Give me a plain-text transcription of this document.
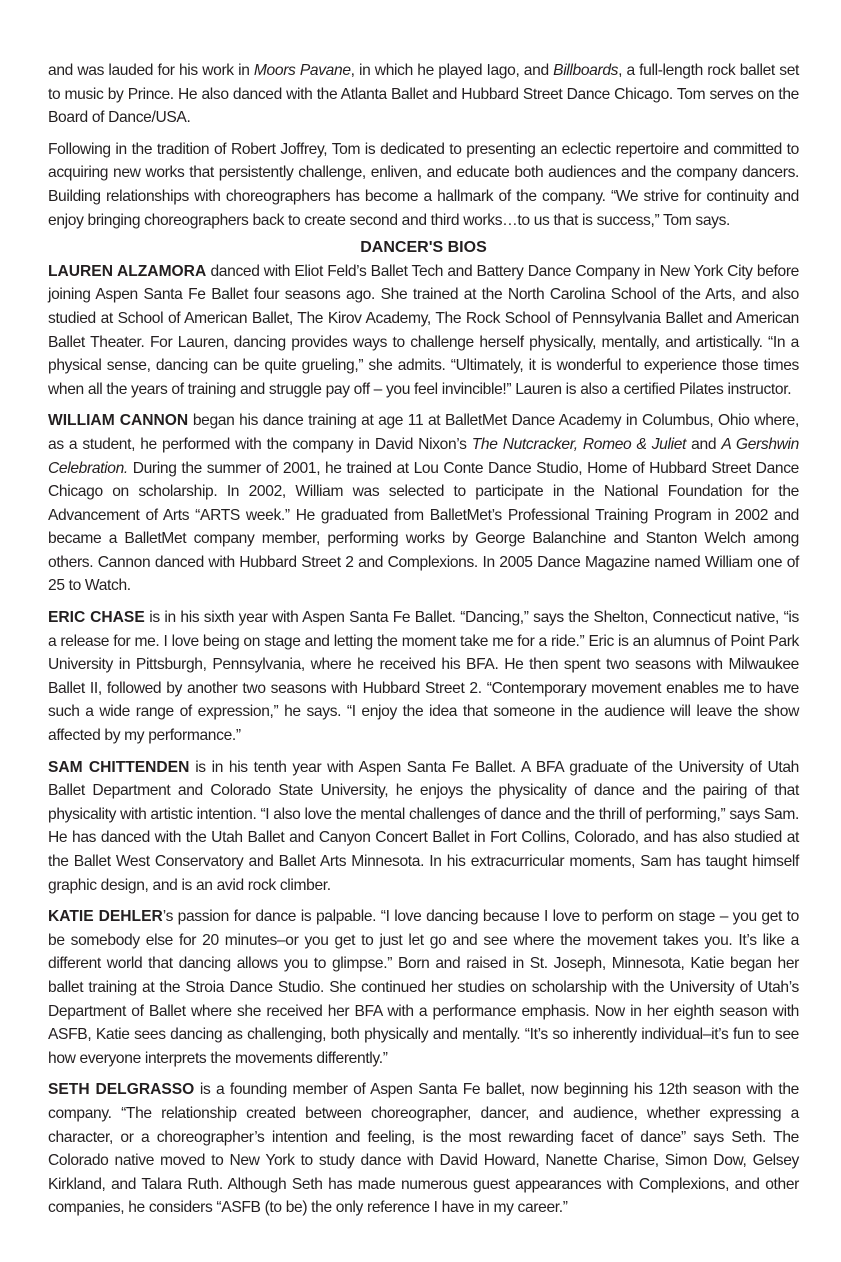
and was lauded for his work in Moors Pavane, in which he played Iago, and Billboards, a full-length rock ballet set to music by Prince. He also danced with the Atlanta Ballet and Hubbard Street Dance Chicago. Tom serves on the Board of Dance/USA.

Following in the tradition of Robert Joffrey, Tom is dedicated to presenting an eclectic repertoire and committed to acquiring new works that persistently challenge, enliven, and educate both audiences and the company dancers. Building relationships with choreographers has become a hallmark of the company. “We strive for continuity and enjoy bringing choreographers back to create second and third works…to us that is success,” Tom says.

DANCER'S BIOS

LAUREN ALZAMORA danced with Eliot Feld’s Ballet Tech and Battery Dance Company in New York City before joining Aspen Santa Fe Ballet four seasons ago. She trained at the North Carolina School of the Arts, and also studied at School of American Ballet, The Kirov Academy, The Rock School of Pennsylvania Ballet and American Ballet Theater. For Lauren, dancing provides ways to challenge herself physically, mentally, and artistically. “In a physical sense, dancing can be quite grueling,” she admits. “Ultimately, it is wonderful to experience those times when all the years of training and struggle pay off – you feel invincible!” Lauren is also a certified Pilates instructor.

WILLIAM CANNON began his dance training at age 11 at BalletMet Dance Academy in Columbus, Ohio where, as a student, he performed with the company in David Nixon’s The Nutcracker, Romeo & Juliet and A Gershwin Celebration. During the summer of 2001, he trained at Lou Conte Dance Studio, Home of Hubbard Street Dance Chicago on scholarship. In 2002, William was selected to participate in the National Foundation for the Advancement of Arts “ARTS week.” He graduated from BalletMet’s Professional Training Program in 2002 and became a BalletMet company member, performing works by George Balanchine and Stanton Welch among others. Cannon danced with Hubbard Street 2 and Complexions. In 2005 Dance Magazine named William one of 25 to Watch.

ERIC CHASE is in his sixth year with Aspen Santa Fe Ballet. “Dancing,” says the Shelton, Connecticut native, “is a release for me. I love being on stage and letting the moment take me for a ride.” Eric is an alumnus of Point Park University in Pittsburgh, Pennsylvania, where he received his BFA. He then spent two seasons with Milwaukee Ballet II, followed by another two seasons with Hubbard Street 2. “Contemporary movement enables me to have such a wide range of expression,” he says. “I enjoy the idea that someone in the audience will leave the show affected by my performance.”

SAM CHITTENDEN is in his tenth year with Aspen Santa Fe Ballet. A BFA graduate of the University of Utah Ballet Department and Colorado State University, he enjoys the physicality of dance and the pairing of that physicality with artistic intention. “I also love the mental challenges of dance and the thrill of performing,” says Sam. He has danced with the Utah Ballet and Canyon Concert Ballet in Fort Collins, Colorado, and has also studied at the Ballet West Conservatory and Ballet Arts Minnesota. In his extracurricular moments, Sam has taught himself graphic design, and is an avid rock climber.

KATIE DEHLER’s passion for dance is palpable. “I love dancing because I love to perform on stage – you get to be somebody else for 20 minutes–or you get to just let go and see where the movement takes you. It’s like a different world that dancing allows you to glimpse.” Born and raised in St. Joseph, Minnesota, Katie began her ballet training at the Stroia Dance Studio. She continued her studies on scholarship with the University of Utah’s Department of Ballet where she received her BFA with a performance emphasis. Now in her eighth season with ASFB, Katie sees dancing as challenging, both physically and mentally. “It’s so inherently individual–it’s fun to see how everyone interprets the movements differently.”

SETH DELGRASSO is a founding member of Aspen Santa Fe ballet, now beginning his 12th season with the company. “The relationship created between choreographer, dancer, and audience, whether expressing a character, or a choreographer’s intention and feeling, is the most rewarding facet of dance” says Seth. The Colorado native moved to New York to study dance with David Howard, Nanette Charise, Simon Dow, Gelsey Kirkland, and Talara Ruth. Although Seth has made numerous guest appearances with Complexions, and other companies, he considers “ASFB (to be) the only reference I have in my career.”
